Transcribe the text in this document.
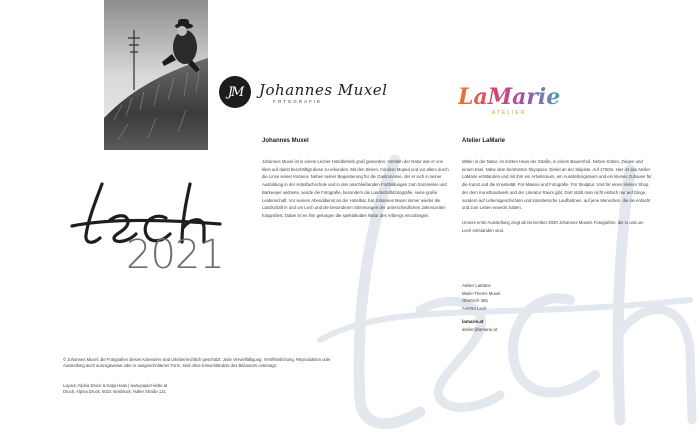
JM	Johannes Muxel
FOTOGRAFIE	LaMarie
ATELIER
2021
Johannes Muxel

Johannes Muxel ist in einem Lecher Hotelbetrieb groß geworden. Inmitten der Natur war er von klein auf damit beschäftigt diese zu erkunden. Mit den Skiern, mit dem Moped und vor allem durch die Linse seiner Kamera. Neben seiner Begeisterung für die Gastronomie, der er sich in seiner Ausbildung in der Hotelfachschule und in den anschließenden Fortbildungen zum Sommelier und Barkeeper widmete, wurde die Fotografie, besonders die Landschaftsfotografie, seine große Leidenschaft. Vor seinem Abenddienst an der Hotelbar, hat Johannes Muxel immer wieder die Landschaft in und um Lech und die besonderen Stimmungen der unterschiedlichen Jahreszeiten fotografiert. Dabei ist es ihm gelungen die spektakuläre Natur des Arlbergs einzufangen.

Atelier LaMarie

Mitten in der Natur, im letzten Haus der Straße, in einem Bauernhof. Neben Kühen, Ziegen und einem Esel. Nahe dem berühmten Skyspace. Direkt an der Skipiste. Auf 1750m. Hier ist das Atelier LaMarie entstanden und mit ihm ein Arbeitsraum, ein Ausstellungsraum und ein kleines Zuhause für die Kunst und die Kreativität. Für Malerei und Fotografie. Für Skulptur. Und für einen kleinen Shop, der dem Kunsthandwerk und der Literatur Raum gibt. Dort stößt man nicht einfach nur auf Dinge, sondern auf Lebensgeschichten und künstlerische Laufbahnen, auf jene Menschen, die sie erdacht und zum Leben erweckt haben.

Unsere erste Ausstellung zeigt ab Dezember 2020 Johannes Muxels Fotografien, die in und um Lech entstanden sind.

Atelier LaMarie
Marie-Theres Muxel
Oberlech 365
A-6764 Lech
lamarie.at
atelier@lamarie.at
© Johannes Muxel; die Fotografien dieses Kalenders sind urheberrechtlich geschützt. Jede Vervielfältigung, Veröffentlichung, Reproduktion oder Ausstellung auch auszugsweise oder in ausgeschnittener Form, sind ohne Einverständnis des Bildautors untersagt.
Layout: Alpina Druck & Katja Haas | www.papier-kebe.at
Druck: Alpina Druck, 6022 Innsbruck, Haller Straße 121
